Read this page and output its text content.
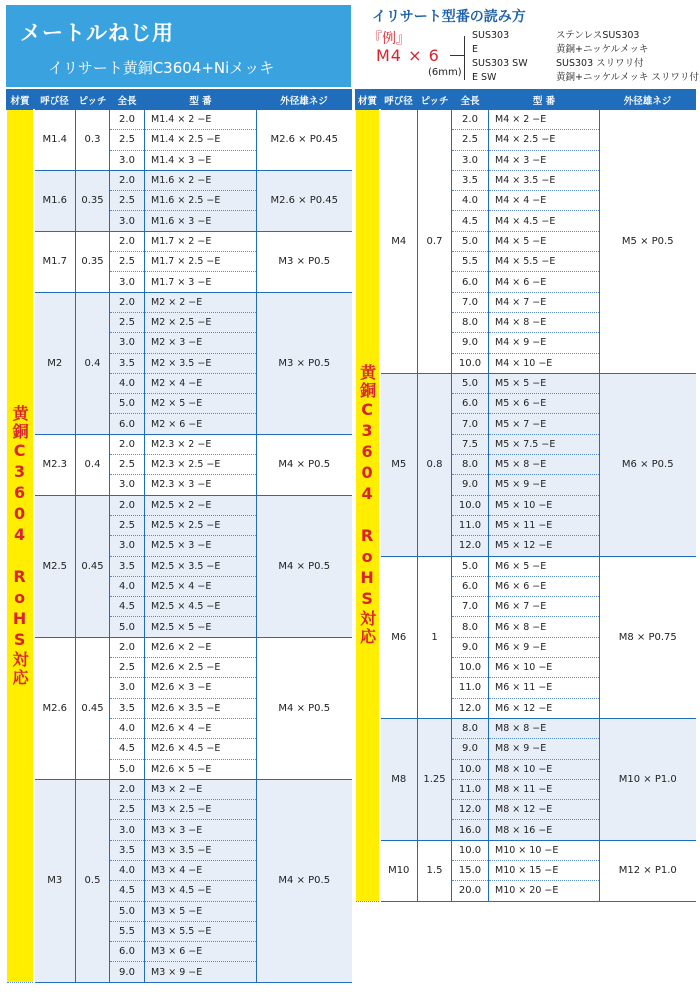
メートルねじ用
イリサート黄銅C3604+Niメッキ
イリサート型番の読み方
『例』
M4 × 6
(6mm)
SUS303	ステンレスSUS303
E	黄銅+ニッケルメッキ
SUS303 SW	SUS303 スリワリ付
E SW	黄銅+ニッケルメッキ スリワリ付
材質	呼び径	ピッチ	全長	型 番	外径雄ネジ

黄銅C3604 RoHS対応	M1.4	0.3	2.0	M1.4 × 2 −E	M2.6 × P0.45
			2.5	M1.4 × 2.5 −E	
			3.0	M1.4 × 3 −E	
	M1.6	0.35	2.0	M1.6 × 2 −E	M2.6 × P0.45
			2.5	M1.6 × 2.5 −E	
			3.0	M1.6 × 3 −E	
	M1.7	0.35	2.0	M1.7 × 2 −E	M3 × P0.5
			2.5	M1.7 × 2.5 −E	
			3.0	M1.7 × 3 −E	
	M2	0.4	2.0	M2 × 2 −E	M3 × P0.5
			2.5	M2 × 2.5 −E	
			3.0	M2 × 3 −E	
			3.5	M2 × 3.5 −E	
			4.0	M2 × 4 −E	
			5.0	M2 × 5 −E	
			6.0	M2 × 6 −E	
	M2.3	0.4	2.0	M2.3 × 2 −E	M4 × P0.5
			2.5	M2.3 × 2.5 −E	
			3.0	M2.3 × 3 −E	
	M2.5	0.45	2.0	M2.5 × 2 −E	M4 × P0.5
			2.5	M2.5 × 2.5 −E	
			3.0	M2.5 × 3 −E	
			3.5	M2.5 × 3.5 −E	
			4.0	M2.5 × 4 −E	
			4.5	M2.5 × 4.5 −E	
			5.0	M2.5 × 5 −E	
	M2.6	0.45	2.0	M2.6 × 2 −E	M4 × P0.5
			2.5	M2.6 × 2.5 −E	
			3.0	M2.6 × 3 −E	
			3.5	M2.6 × 3.5 −E	
			4.0	M2.6 × 4 −E	
			4.5	M2.6 × 4.5 −E	
			5.0	M2.6 × 5 −E	
	M3	0.5	2.0	M3 × 2 −E	M4 × P0.5
			2.5	M3 × 2.5 −E	
			3.0	M3 × 3 −E	
			3.5	M3 × 3.5 −E	
			4.0	M3 × 4 −E	
			4.5	M3 × 4.5 −E	
			5.0	M3 × 5 −E	
			5.5	M3 × 5.5 −E	
			6.0	M3 × 6 −E	
			9.0	M3 × 9 −E	
材質	呼び径	ピッチ	全長	型 番	外径雄ネジ

黄銅C3604 RoHS対応	M4	0.7	2.0	M4 × 2 −E	M5 × P0.5
			2.5	M4 × 2.5 −E	
			3.0	M4 × 3 −E	
			3.5	M4 × 3.5 −E	
			4.0	M4 × 4 −E	
			4.5	M4 × 4.5 −E	
			5.0	M4 × 5 −E	
			5.5	M4 × 5.5 −E	
			6.0	M4 × 6 −E	
			7.0	M4 × 7 −E	
			8.0	M4 × 8 −E	
			9.0	M4 × 9 −E	
			10.0	M4 × 10 −E	
	M5	0.8	5.0	M5 × 5 −E	M6 × P0.5
			6.0	M5 × 6 −E	
			7.0	M5 × 7 −E	
			7.5	M5 × 7.5 −E	
			8.0	M5 × 8 −E	
			9.0	M5 × 9 −E	
			10.0	M5 × 10 −E	
			11.0	M5 × 11 −E	
			12.0	M5 × 12 −E	
	M6	1	5.0	M6 × 5 −E	M8 × P0.75
			6.0	M6 × 6 −E	
			7.0	M6 × 7 −E	
			8.0	M6 × 8 −E	
			9.0	M6 × 9 −E	
			10.0	M6 × 10 −E	
			11.0	M6 × 11 −E	
			12.0	M6 × 12 −E	
	M8	1.25	8.0	M8 × 8 −E	M10 × P1.0
			9.0	M8 × 9 −E	
			10.0	M8 × 10 −E	
			11.0	M8 × 11 −E	
			12.0	M8 × 12 −E	
			16.0	M8 × 16 −E	
	M10	1.5	10.0	M10 × 10 −E	M12 × P1.0
			15.0	M10 × 15 −E	
			20.0	M10 × 20 −E	
